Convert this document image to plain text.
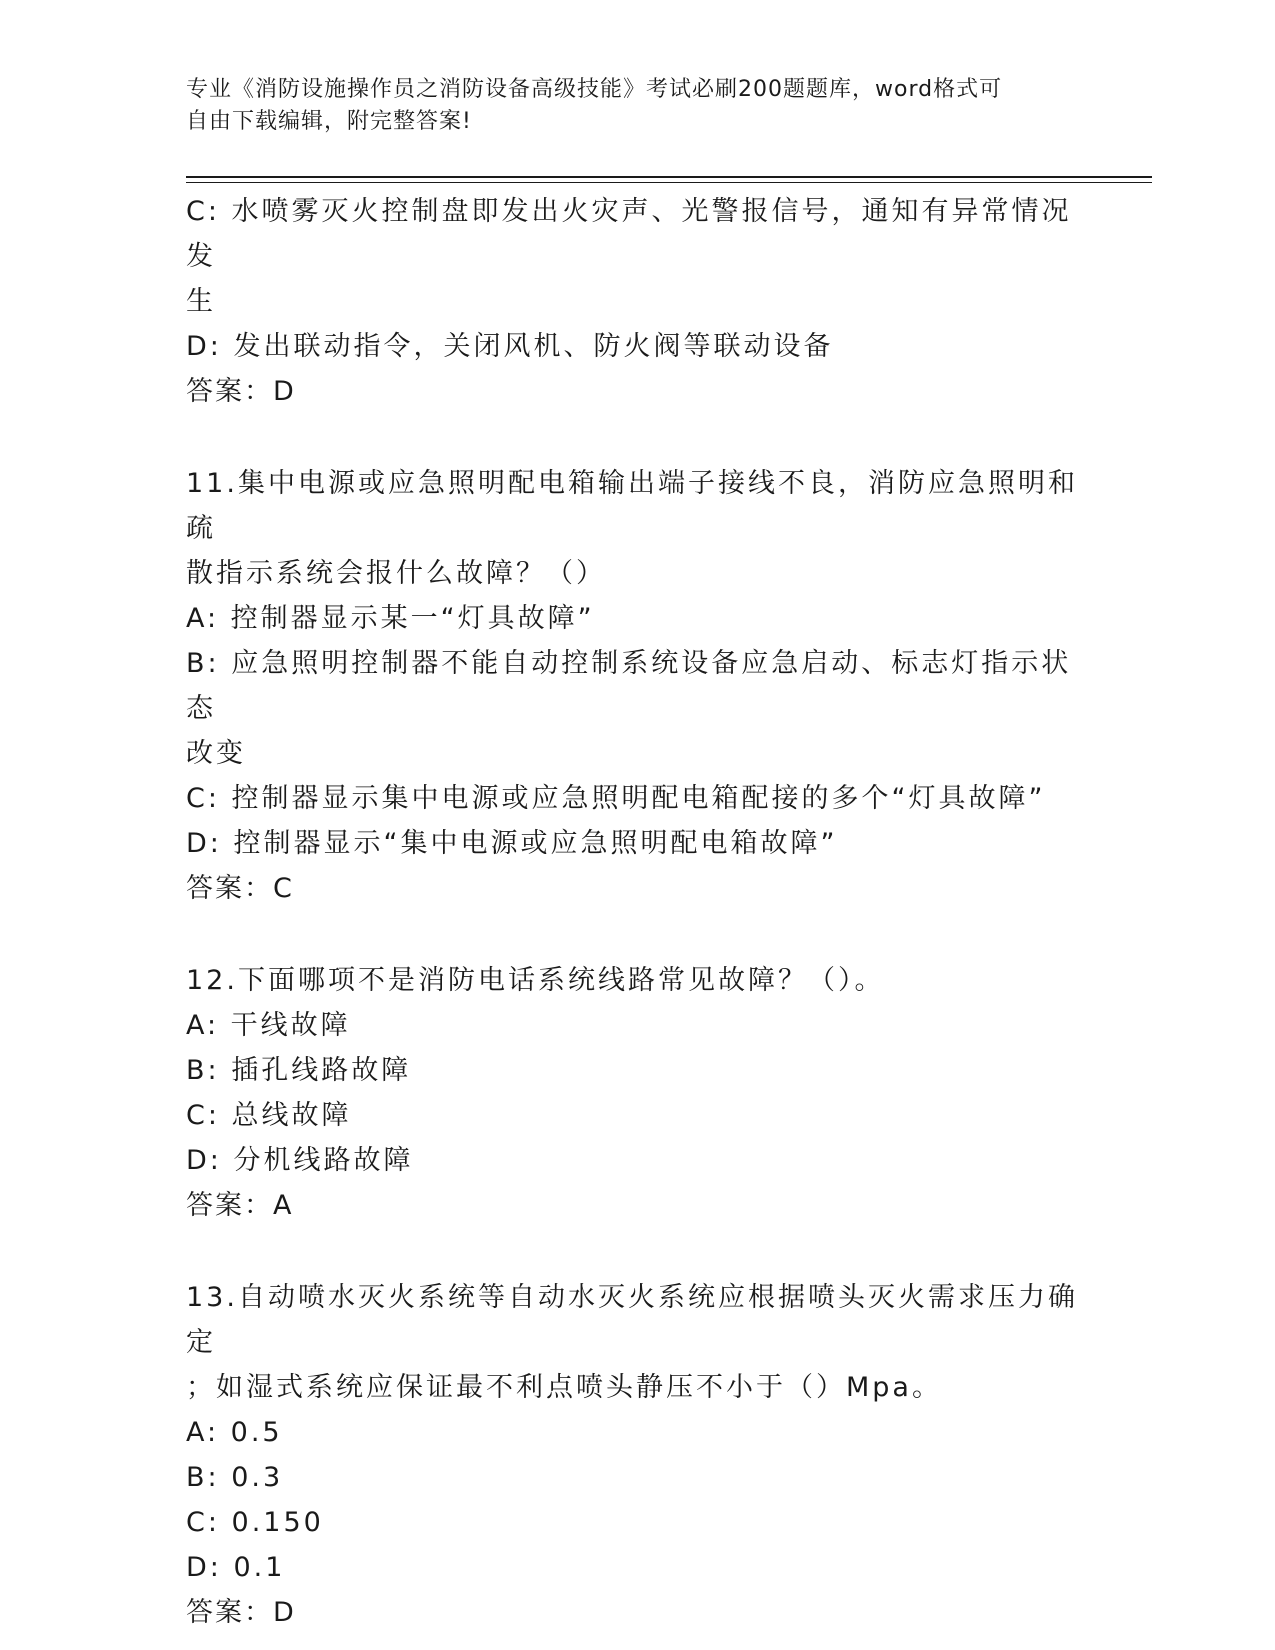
专业《消防设施操作员之消防设备高级技能》考试必刷200题题库，word格式可
自由下载编辑，附完整答案!
C: 水喷雾灭火控制盘即发出火灾声、光警报信号，通知有异常情况发
生
D: 发出联动指令，关闭风机、防火阀等联动设备
答案：D
11.集中电源或应急照明配电箱输出端子接线不良，消防应急照明和疏
散指示系统会报什么故障？（）
A: 控制器显示某一“灯具故障”
B: 应急照明控制器不能自动控制系统设备应急启动、标志灯指示状态
改变
C: 控制器显示集中电源或应急照明配电箱配接的多个“灯具故障”
D: 控制器显示“集中电源或应急照明配电箱故障”
答案：C
12.下面哪项不是消防电话系统线路常见故障？（）。
A: 干线故障
B: 插孔线路故障
C: 总线故障
D: 分机线路故障
答案：A
13.自动喷水灭火系统等自动水灭火系统应根据喷头灭火需求压力确定
；如湿式系统应保证最不利点喷头静压不小于（）Mpa。
A: 0.5
B: 0.3
C: 0.150
D: 0.1
答案：D
